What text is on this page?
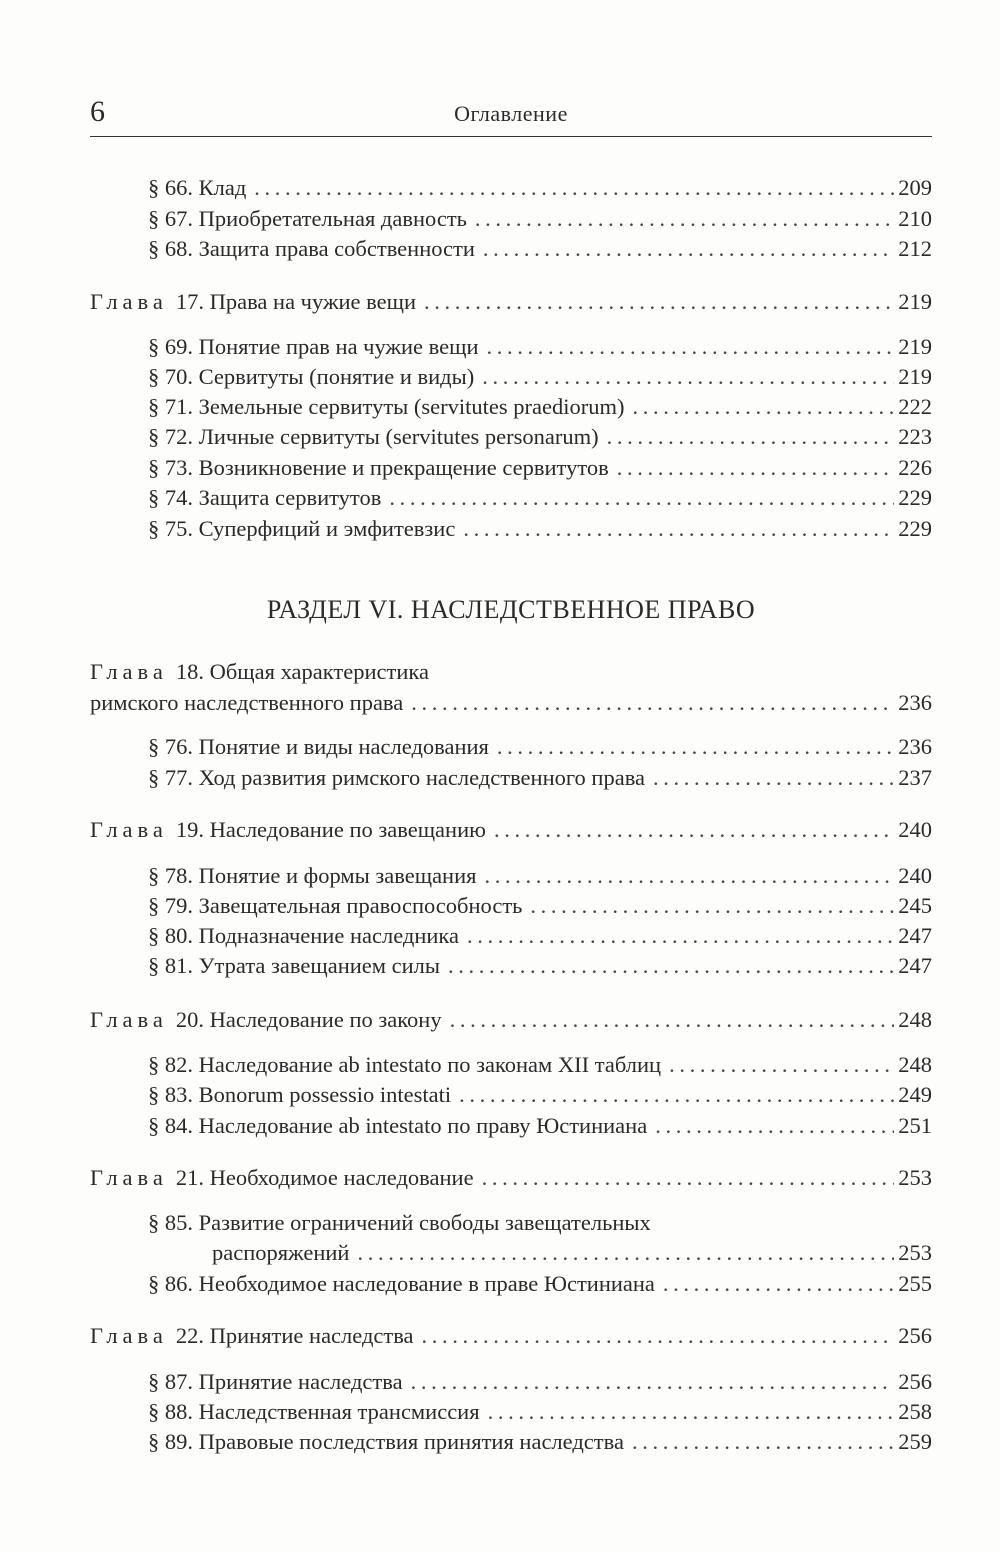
6	Оглавление
§ 66. Клад . . .	209
§ 67. Приобретательная давность . . .	210
§ 68. Защита права собственности . . .	212
Глава 17. Права на чужие вещи . . .	219
§ 69. Понятие прав на чужие вещи . . .	219
§ 70. Сервитуты (понятие и виды) . . .	219
§ 71. Земельные сервитуты (servitutes praediorum) . . .	222
§ 72. Личные сервитуты (servitutes personarum) . . .	223
§ 73. Возникновение и прекращение сервитутов . . .	226
§ 74. Защита сервитутов . . .	229
§ 75. Суперфиций и эмфитевзис . . .	229
РАЗДЕЛ VI. НАСЛЕДСТВЕННОЕ ПРАВО
Глава 18. Общая характеристика
римского наследственного права . . .	236
§ 76. Понятие и виды наследования . . .	236
§ 77. Ход развития римского наследственного права . . .	237
Глава 19. Наследование по завещанию . . .	240
§ 78. Понятие и формы завещания . . .	240
§ 79. Завещательная правоспособность . . .	245
§ 80. Подназначение наследника . . .	247
§ 81. Утрата завещанием силы . . .	247
Глава 20. Наследование по закону . . .	248
§ 82. Наследование ab intestato по законам XII таблиц . . .	248
§ 83. Bonorum possessio intestati . . .	249
§ 84. Наследование ab intestato по праву Юстиниана . . .	251
Глава 21. Необходимое наследование . . .	253
§ 85. Развитие ограничений свободы завещательных
распоряжений . . .	253
§ 86. Необходимое наследование в праве Юстиниана . . .	255
Глава 22. Принятие наследства . . .	256
§ 87. Принятие наследства . . .	256
§ 88. Наследственная трансмиссия . . .	258
§ 89. Правовые последствия принятия наследства . . .	259
